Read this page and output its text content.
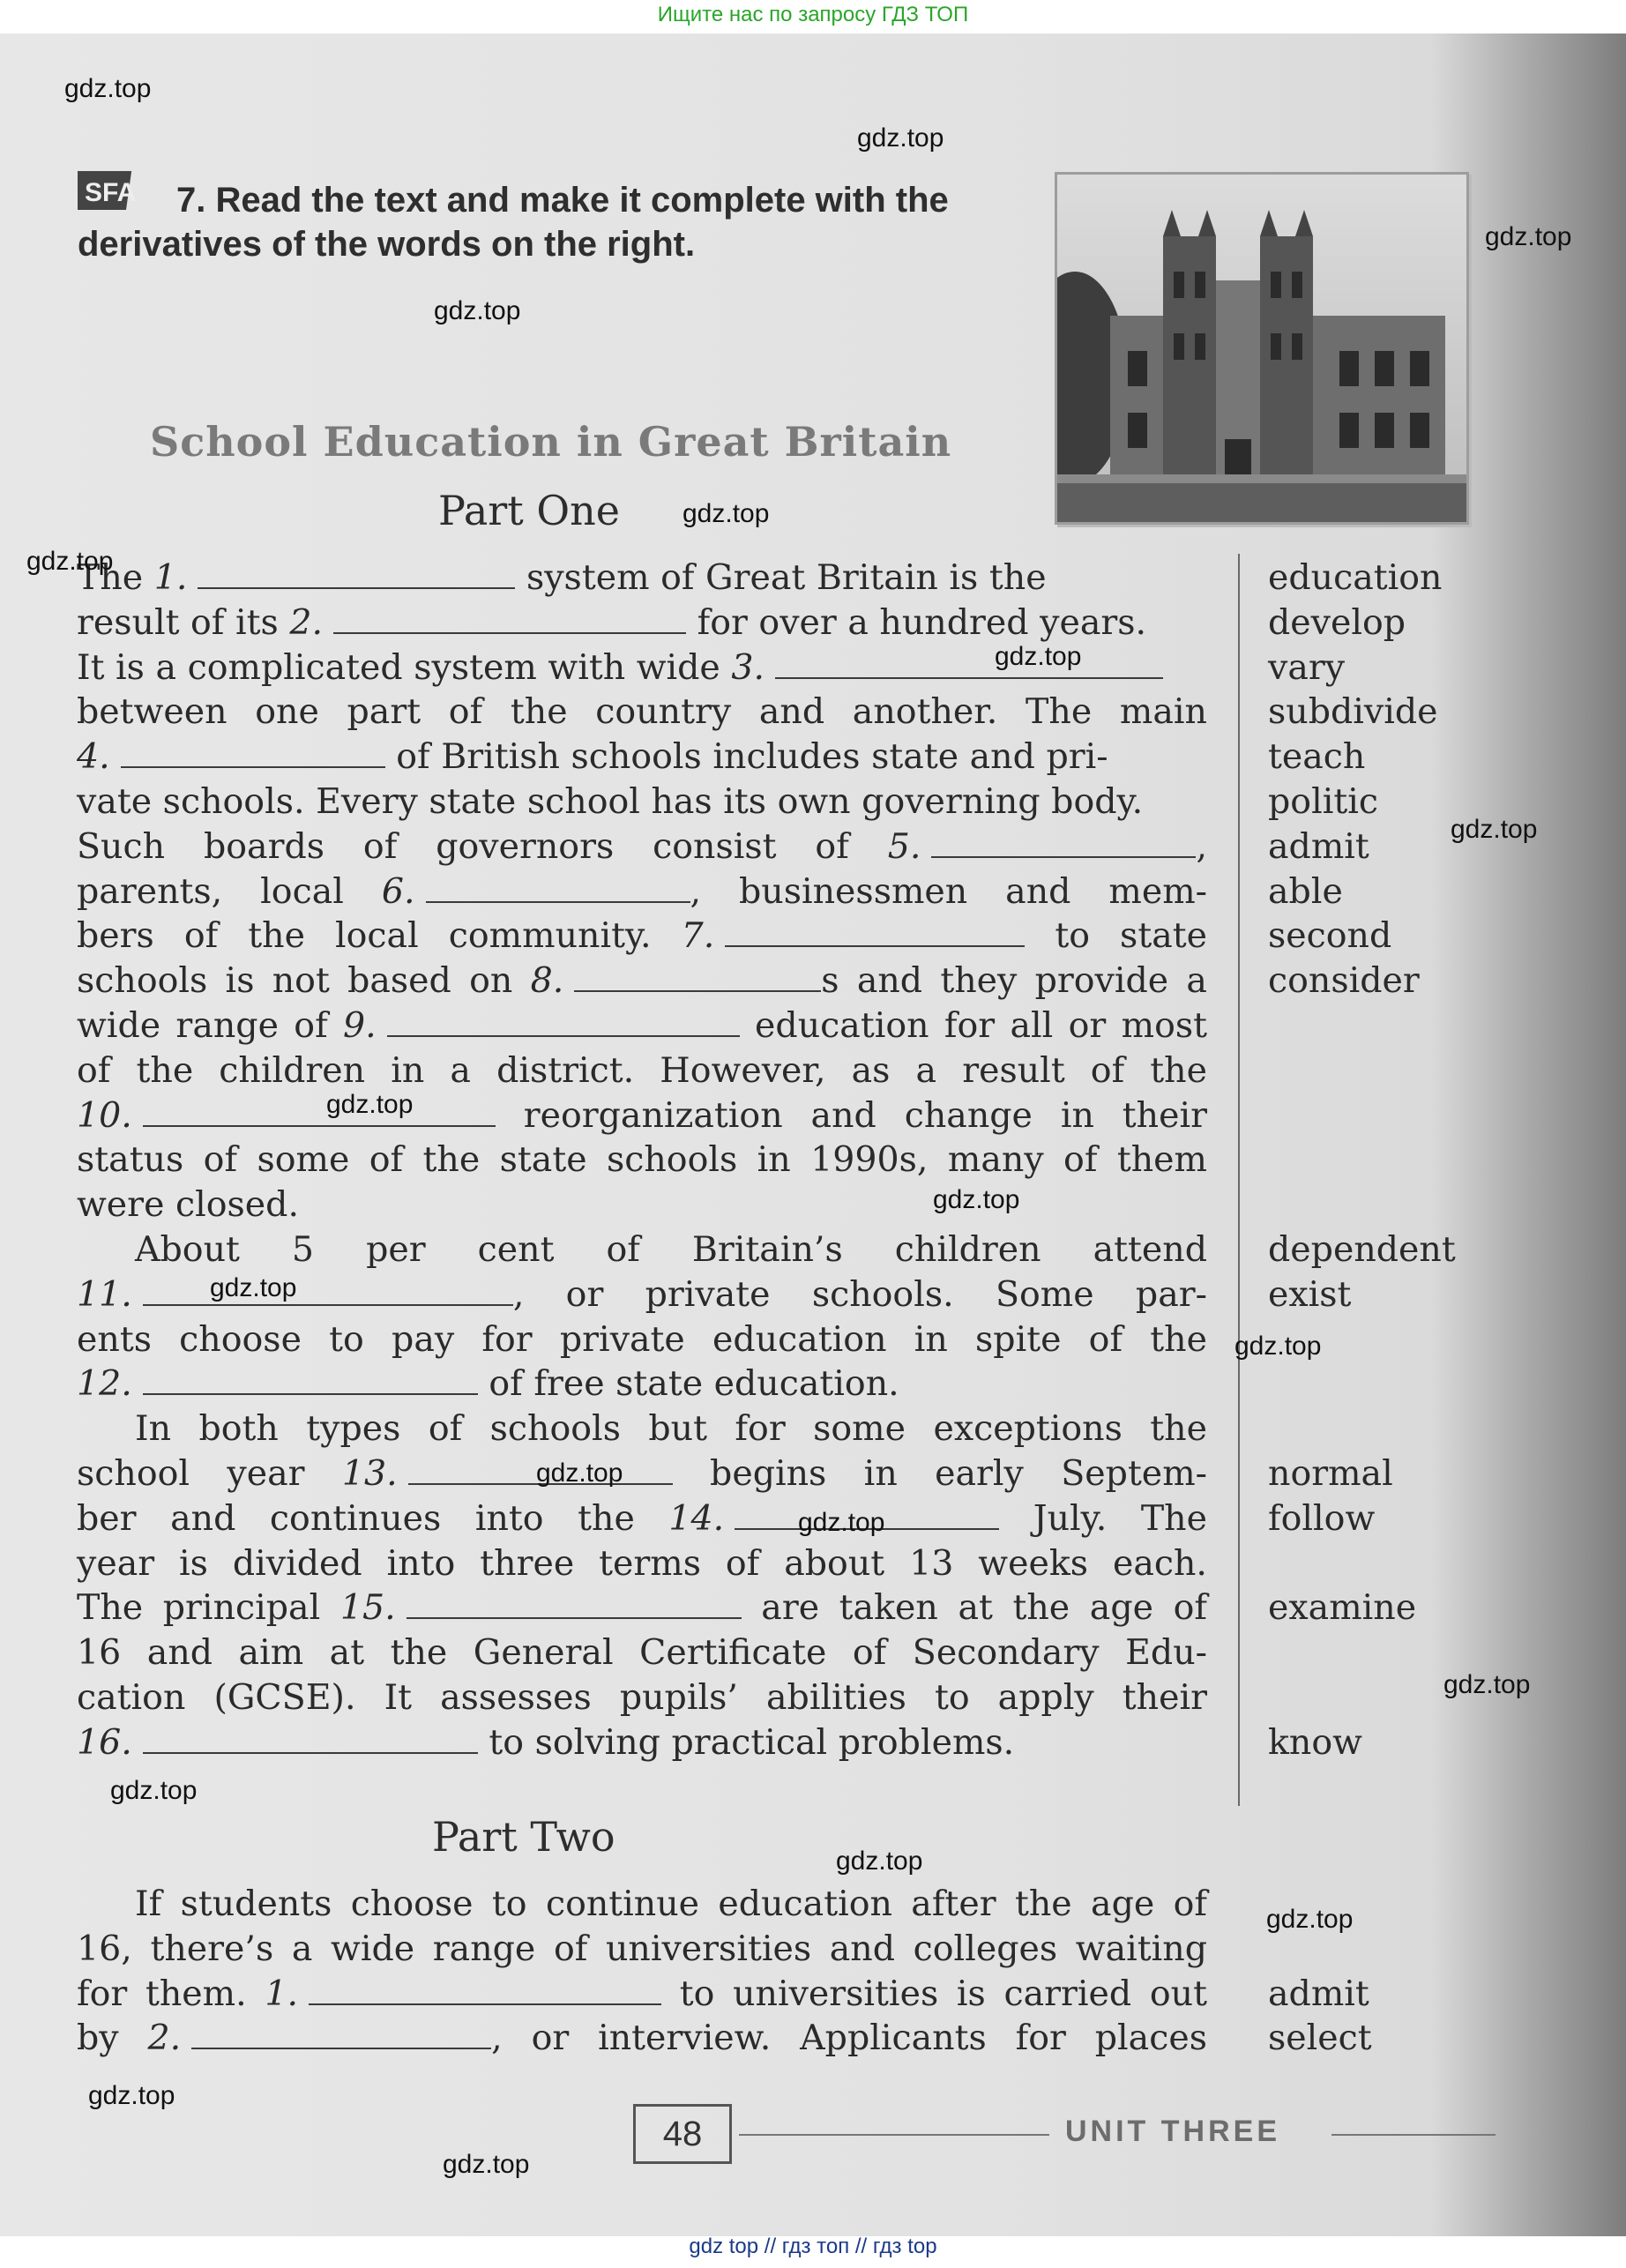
Ищите нас по запросу ГДЗ ТОП

SFA	7. Read the text and make it complete with the derivatives of the words on the right.
School Education in Great Britain
Part One
The 1.	system of Great Britain is the
result of its 2.	for over a hundred years.
It is a complicated system with wide 3.
between one part of the country and another. The main
4.	of British schools includes state and pri-
vate schools. Every state school has its own governing body.
Such boards of governors consist of 5.	,
parents, local 6.	, businessmen and mem-
bers of the local community. 7.	to state
schools is not based on 8.	s and they provide a
wide range of 9.	education for all or most
of the children in a district. However, as a result of the
10.	reorganization and change in their
status of some of the state schools in 1990s, many of them
were closed.
About 5 per cent of Britain’s children attend
11.	, or private schools. Some par-
ents choose to pay for private education in spite of the
12.	of free state education.
In both types of schools but for some exceptions the
school year 13.	begins in early Septem-
ber and continues into the 14.	July. The
year is divided into three terms of about 13 weeks each.
The principal 15.	are taken at the age of
16 and aim at the General Certificate of Secondary Edu-
cation (GCSE). It assesses pupils’ abilities to apply their
16.	to solving practical problems.
education
develop
vary
subdivide
teach
politic
admit
able
second
consider
dependent
exist
normal
follow
examine
know
Part Two
If students choose to continue education after the age of
16, there’s a wide range of universities and colleges waiting
for them. 1.	to universities is carried out
by 2.	, or interview. Applicants for places
admit
select
48	UNIT THREE
gdz.top
gdz.top
gdz.top
gdz.top
gdz.top
gdz.top
gdz.top
gdz.top
gdz.top
gdz.top
gdz.top
gdz.top
gdz.top
gdz.top
gdz.top
gdz.top
gdz.top
gdz.top
gdz.top
gdz.top
gdz top // гдз топ // гдз top
